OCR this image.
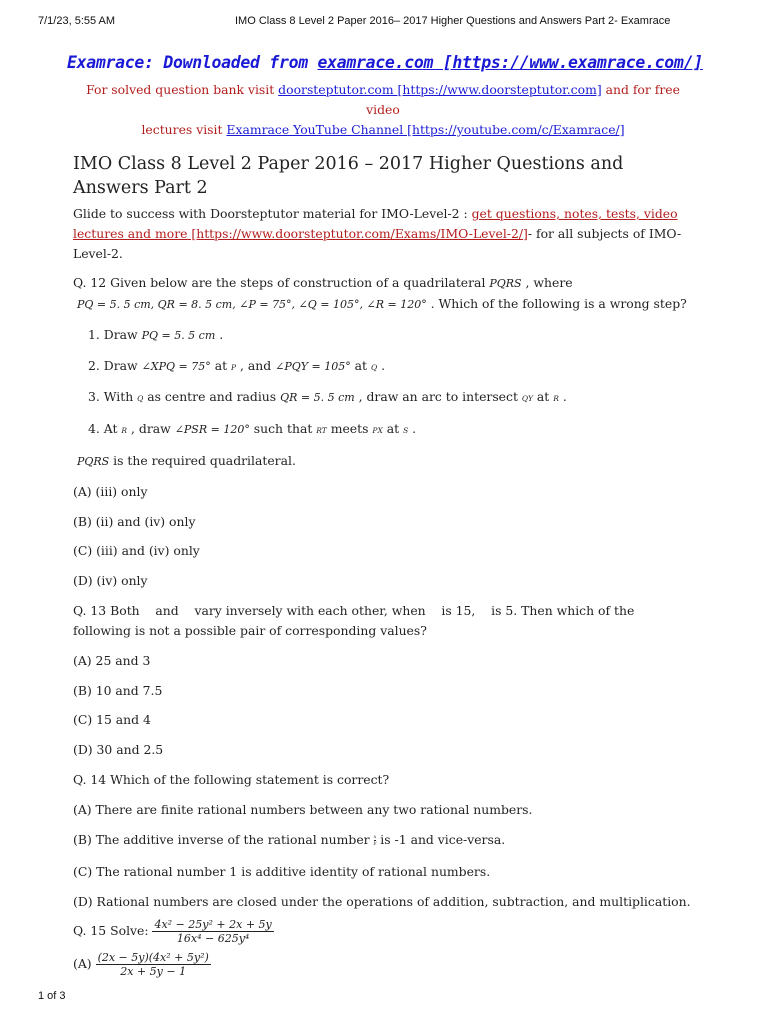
7/1/23, 5:55 AM	IMO Class 8 Level 2 Paper 2016– 2017 Higher Questions and Answers Part 2- Examrace
Examrace: Downloaded from examrace.com [https://www.examrace.com/]

For solved question bank visit doorsteptutor.com [https://www.doorsteptutor.com] and for free video

lectures visit Examrace YouTube Channel [https://youtube.com/c/Examrace/]

IMO Class 8 Level 2 Paper 2016 – 2017 Higher Questions and Answers Part 2

Glide to success with Doorsteptutor material for IMO-Level-2 : get questions, notes, tests, video lectures and more [https://www.doorsteptutor.com/Exams/IMO-Level-2/]- for all subjects of IMO-Level-2.

Q. 12 Given below are the steps of construction of a quadrilateral PQRS , where
PQ = 5. 5 cm, QR = 8. 5 cm, ∠P = 75°, ∠Q = 105°, ∠R = 120° . Which of the following is a wrong step?

1. Draw PQ = 5. 5 cm .

2. Draw ∠XPQ = 75° at P , and ∠PQY = 105° at Q .

3. With Q as centre and radius QR = 5. 5 cm , draw an arc to intersect QY at R .

4. At R , draw ∠PSR = 120° such that RT meets PX at S .

PQRS is the required quadrilateral.

(A) (iii) only

(B) (ii) and (iv) only

(C) (iii) and (iv) only

(D) (iv) only

Q. 13 Both    and    vary inversely with each other, when    is 15,    is 5. Then which of the following is not a possible pair of corresponding values?

(A) 25 and 3

(B) 10 and 7.5

(C) 15 and 4

(D) 30 and 2.5

Q. 14 Which of the following statement is correct?

(A) There are finite rational numbers between any two rational numbers.

(B) The additive inverse of the rational number $\frac{x}{y}$ is -1 and vice-versa.

(C) The rational number 1 is additive identity of rational numbers.

(D) Rational numbers are closed under the operations of addition, subtraction, and multiplication.

Q. 15 Solve: $\frac{\text{4x² − 25y² + 2x + 5y}}{\text{16x⁴ − 625y⁴}}$

$(A) \frac{\text{(2x − 5y)(4x² + 5y²)}}{2x + 5y - 1}$

1 of 3
